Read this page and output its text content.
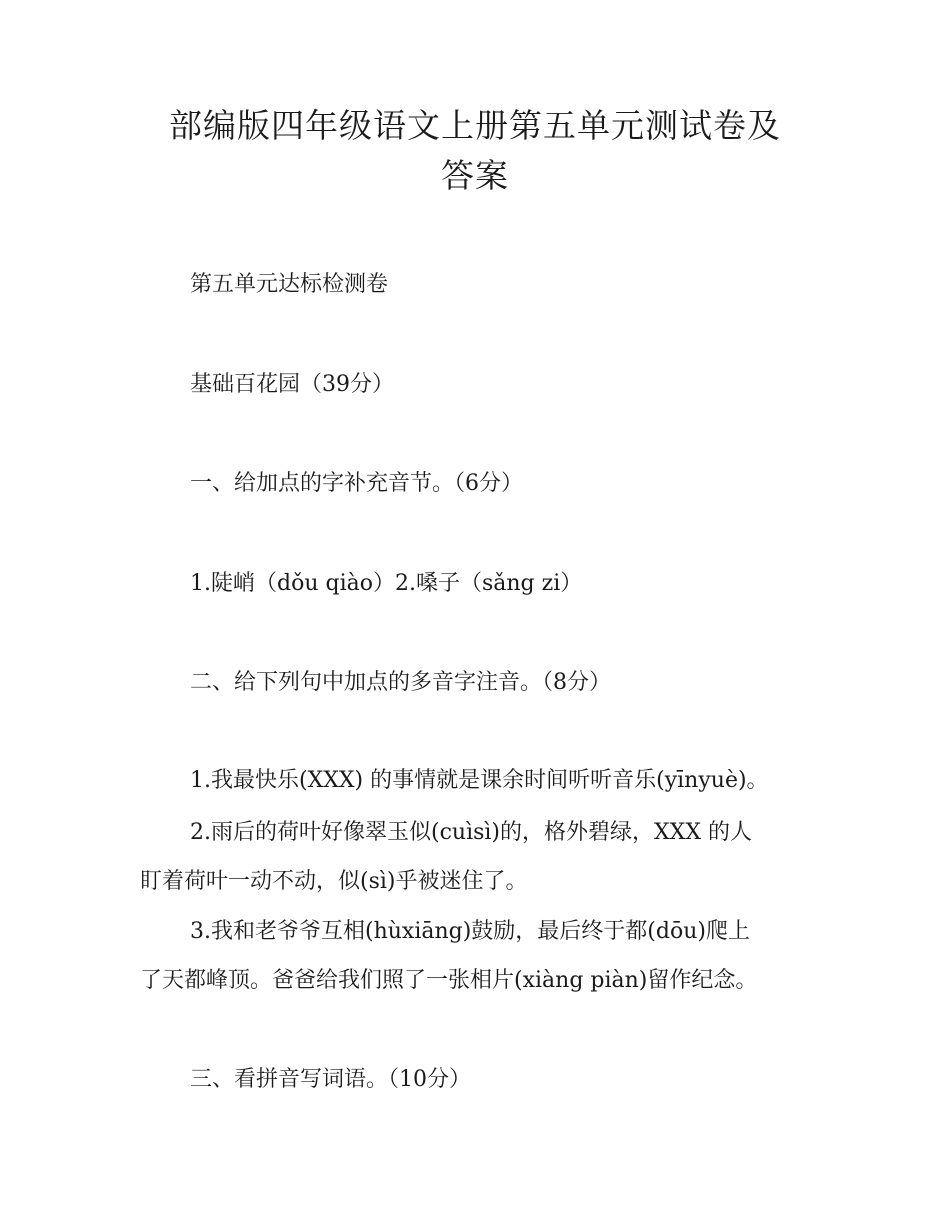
部编版四年级语文上册第五单元测试卷及
答案
第五单元达标检测卷
基础百花园（39分）
一、给加点的字补充音节。（6分）
1.陡峭（dǒu qiào）2.嗓子（sǎng zi）
二、给下列句中加点的多音字注音。（8分）
1.我最快乐(XXX) 的事情就是课余时间听听音乐(yīnyuè)。
2.雨后的荷叶好像翠玉似(cuìsì)的，格外碧绿，XXX 的人
盯着荷叶一动不动，似(sì)乎被迷住了。
3.我和老爷爷互相(hùxiāng)鼓励，最后终于都(dōu)爬上
了天都峰顶。爸爸给我们照了一张相片(xiàng piàn)留作纪念。
三、看拼音写词语。（10分）
